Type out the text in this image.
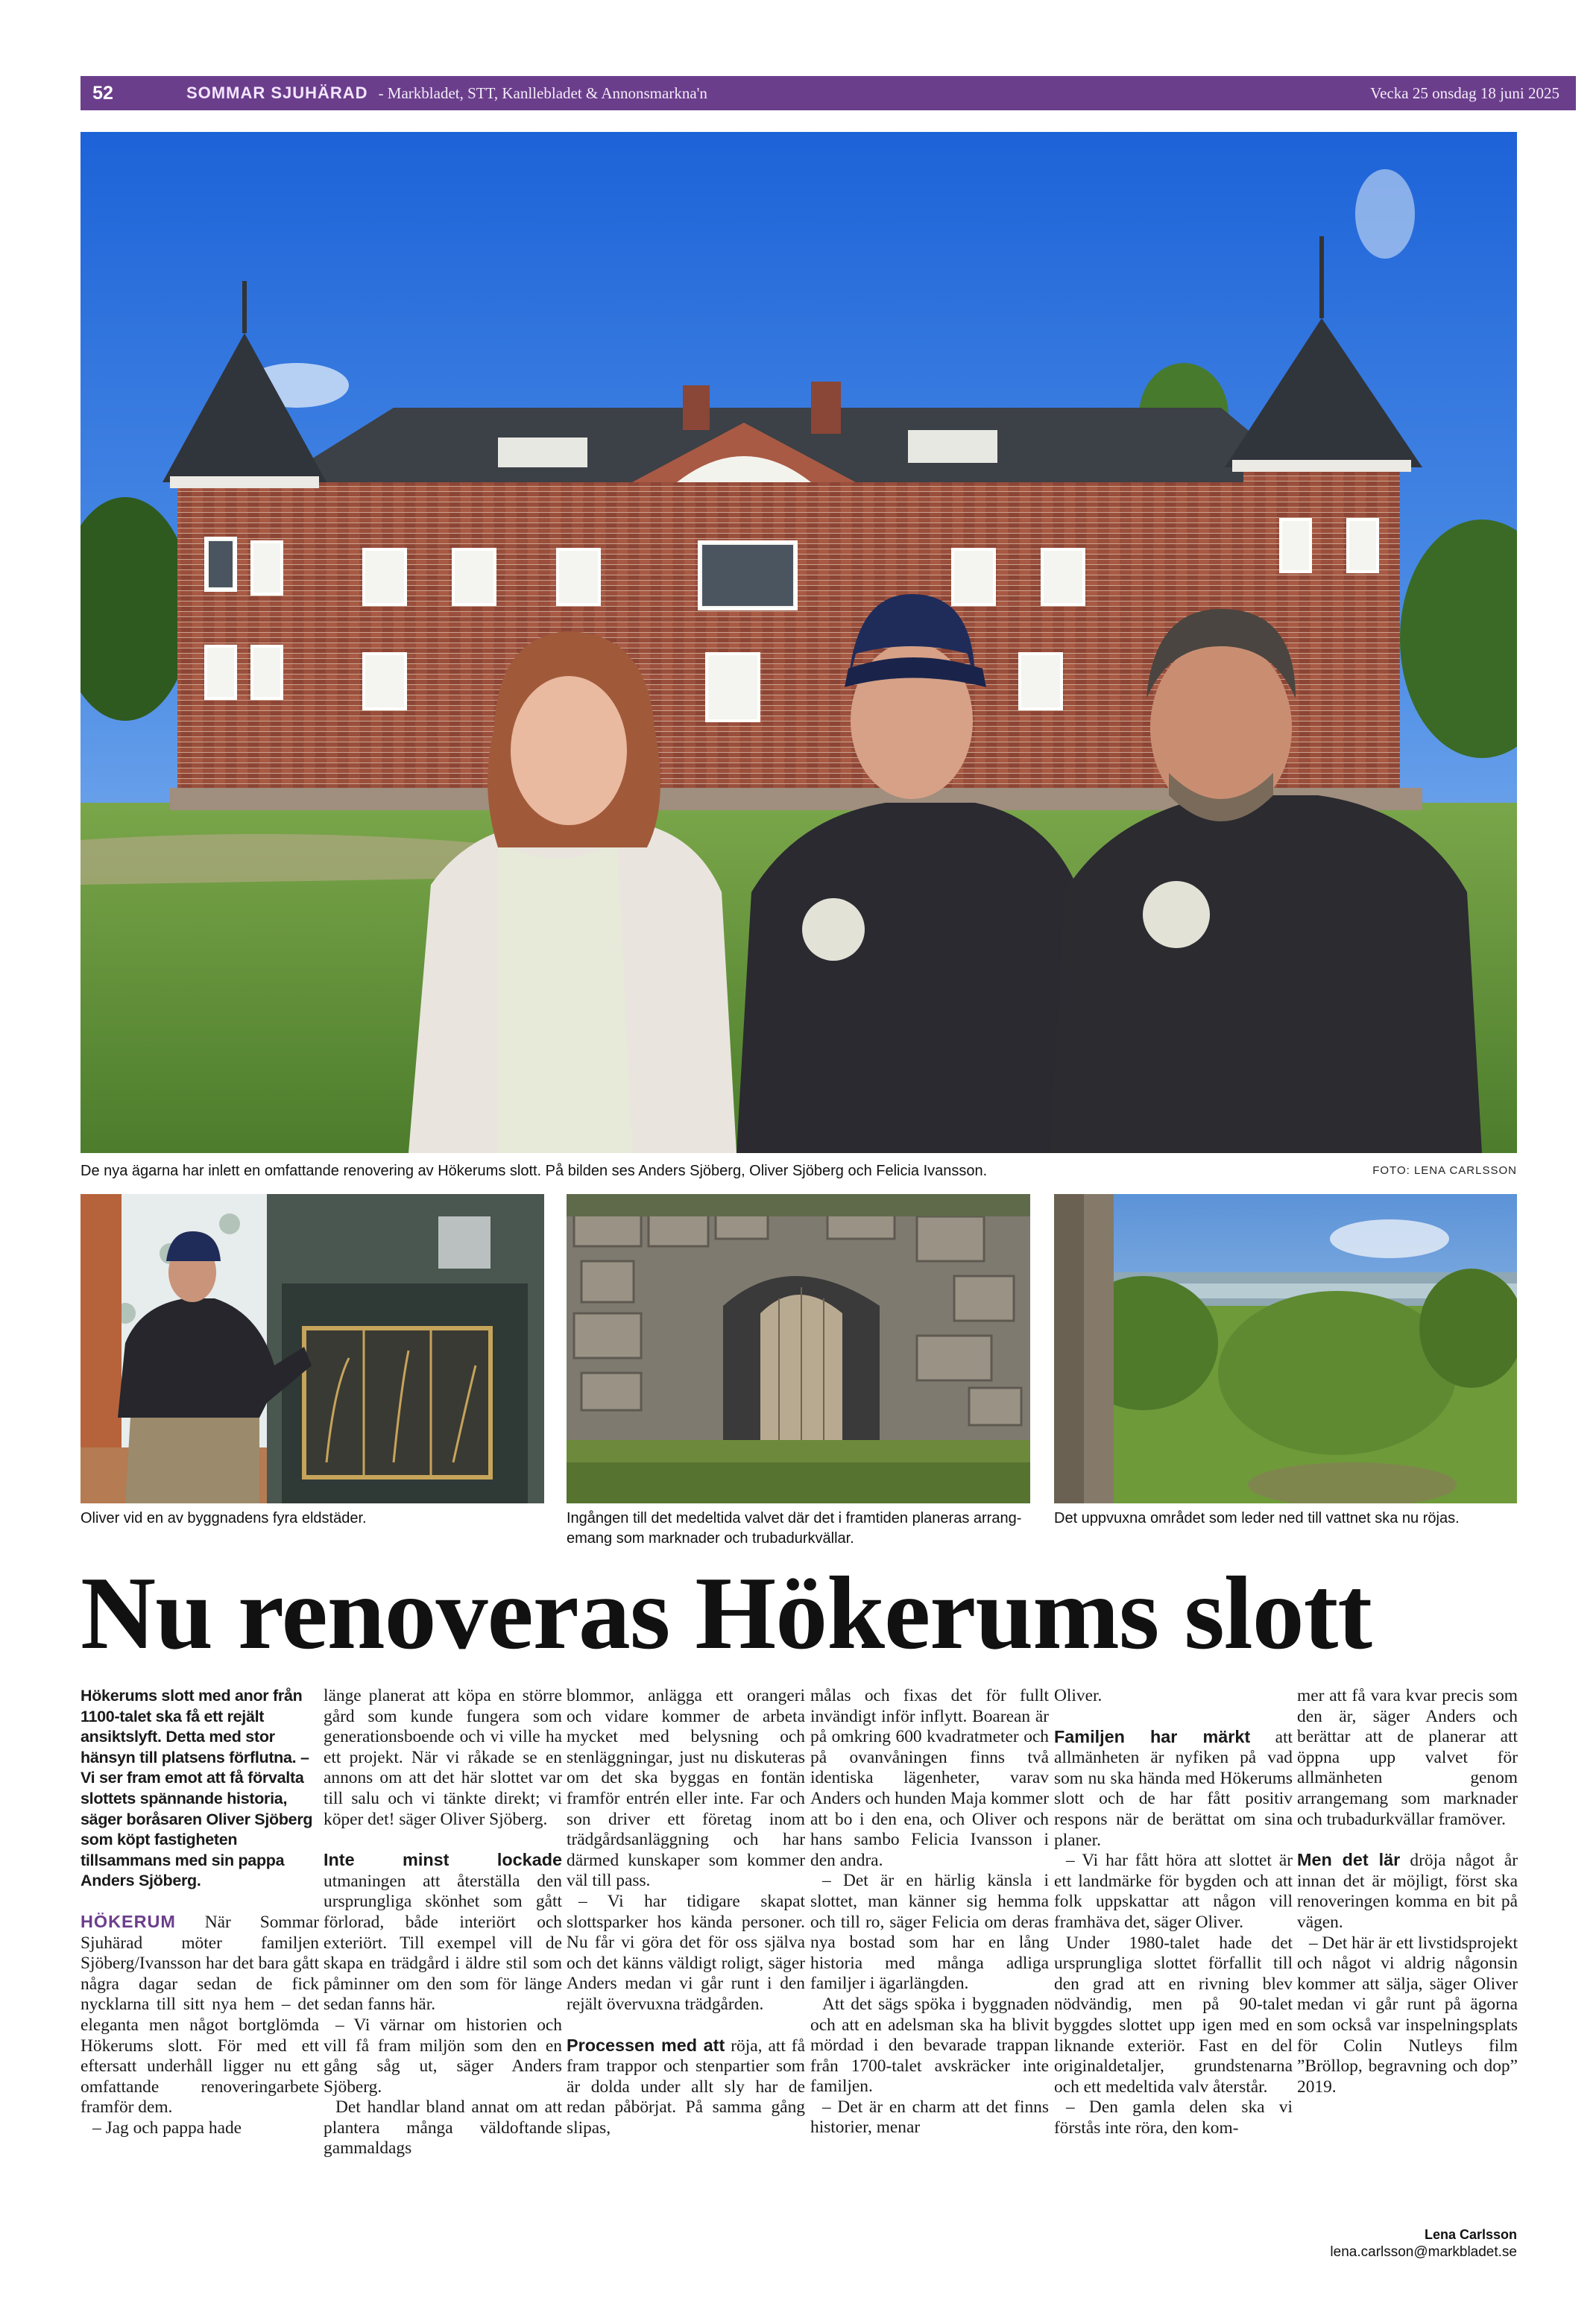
52	SOMMAR SJUHÄRAD - Markbladet, STT, Kanllebladet & Annonsmarkna'n	Vecka 25 onsdag 18 juni 2025
De nya ägarna har inlett en omfattande renovering av Hökerums slott. På bilden ses Anders Sjöberg, Oliver Sjöberg och Felicia Ivansson.	FOTO: LENA CARLSSON
Oliver vid en av byggnadens fyra eldstäder.	Ingången till det medeltida valvet där det i framtiden planeras arrang-
emang som marknader och trubadurkvällar.
Det uppvuxna området som leder ned till vattnet ska nu röjas.
Nu renoveras Hökerums slott

Hökerums slott med anor från 1100-talet ska få ett rejält ansiktslyft. Detta med stor hänsyn till platsens förflutna. – Vi ser fram emot att få förvalta slottets spännande historia, säger boråsaren Oliver Sjöberg som köpt fastigheten tillsammans med sin pappa Anders Sjöberg.

HÖKERUM När Sommar Sjuhärad möter familjen Sjöberg/Ivansson har det bara gått några dagar sedan de fick nycklarna till sitt nya hem – det eleganta men något bortglömda Hökerums slott. För med ett eftersatt underhåll ligger nu ett omfattande renoveringarbete framför dem.

– Jag och pappa hade

länge planerat att köpa en större gård som kunde fungera som generationsboende och vi ville ha ett projekt. När vi råkade se en annons om att det här slottet var till salu och vi tänkte direkt; vi köper det! säger Oliver Sjöberg.

Inte minst lockade utmaningen att återställa den ursprungliga skönhet som gått förlorad, både interiört och exteriört. Till exempel vill de skapa en trädgård i äldre stil som påminner om den som för länge sedan fanns här.

– Vi värnar om historien och vill få fram miljön som den en gång såg ut, säger Anders Sjöberg.

Det handlar bland annat om att plantera många väldoftande gammaldags

blommor, anlägga ett orangeri och vidare kommer de arbeta mycket med belysning och stenläggningar, just nu diskuteras om det ska byggas en fontän framför entrén eller inte. Far och son driver ett företag inom trädgårdsanläggning och har därmed kunskaper som kommer väl till pass.

– Vi har tidigare skapat slottsparker hos kända personer. Nu får vi göra det för oss själva och det känns väldigt roligt, säger Anders medan vi går runt i den rejält övervuxna trädgården.

Processen med att röja, att få fram trappor och stenpartier som är dolda under allt sly har de redan påbörjat. På samma gång slipas,

målas och fixas det för fullt invändigt inför inflytt. Boarean är på omkring 600 kvadratmeter och på ovanvåningen finns två identiska lägenheter, varav Anders och hunden Maja kommer att bo i den ena, och Oliver och hans sambo Felicia Ivansson i den andra.

– Det är en härlig känsla i slottet, man känner sig hemma och till ro, säger Felicia om deras nya bostad som har en lång historia med många adliga familjer i ägarlängden.

Att det sägs spöka i byggnaden och att en adelsman ska ha blivit mördad i den bevarade trappan från 1700-talet avskräcker inte familjen.

– Det är en charm att det finns historier, menar

Oliver.

Familjen har märkt att allmänheten är nyfiken på vad som nu ska hända med Hökerums slott och de har fått positiv respons när de berättat om sina planer.

– Vi har fått höra att slottet är ett landmärke för bygden och att folk uppskattar att någon vill framhäva det, säger Oliver.

Under 1980-talet hade det ursprungliga slottet förfallit till den grad att en rivning blev nödvändig, men på 90-talet byggdes slottet upp igen med en liknande exteriör. Fast en del originaldetaljer, grundstenarna och ett medeltida valv återstår.

– Den gamla delen ska vi förstås inte röra, den kom-

mer att få vara kvar precis som den är, säger Anders och berättar att de planerar att öppna upp valvet för allmänheten genom arrangemang som marknader och trubadurkvällar framöver.

Men det lär dröja något år innan det är möjligt, först ska renoveringen komma en bit på vägen.

– Det här är ett livstidsprojekt och något vi aldrig någonsin kommer att sälja, säger Oliver medan vi går runt på ägorna som också var inspelningsplats för Colin Nutleys film ”Bröllop, begravning och dop” 2019.

Lena Carlsson
lena.carlsson@markbladet.se
